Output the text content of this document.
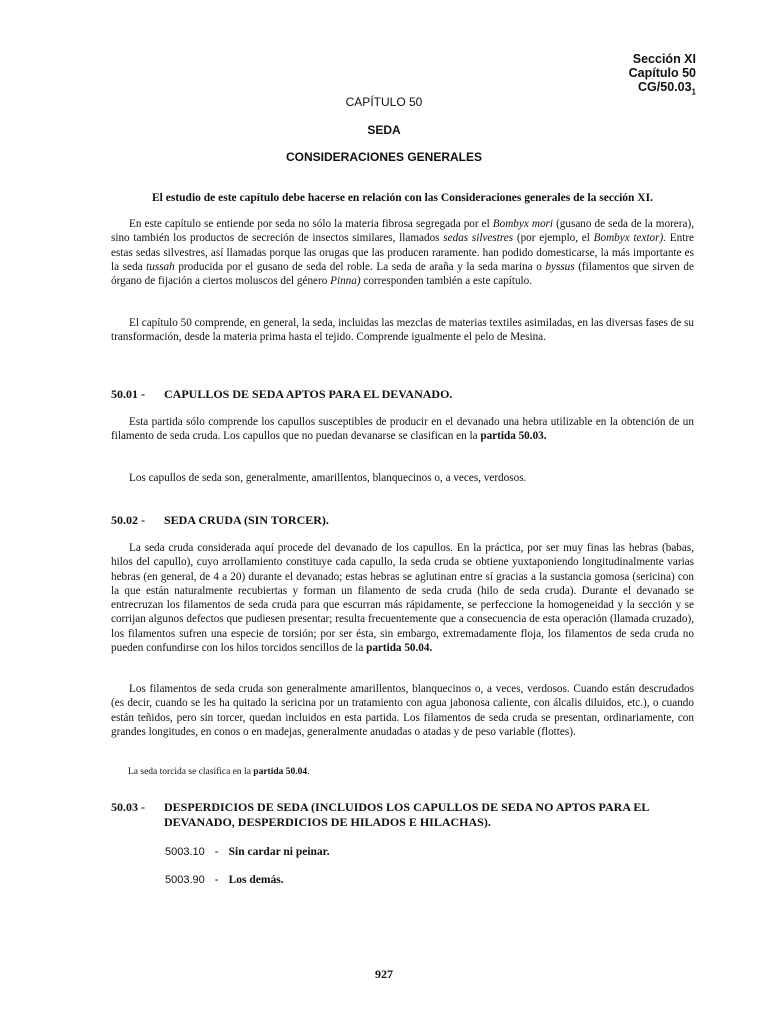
Sección XI
Capítulo 50
$CG/50.03_1$
CAPÍTULO 50
SEDA
CONSIDERACIONES GENERALES
El estudio de este capítulo debe hacerse en relación con las Consideraciones generales de la sección XI.
En este capítulo se entiende por seda no sólo la materia fibrosa segregada por el Bombyx mori (gusano de seda de la morera), sino también los productos de secreción de insectos similares, llamados sedas silvestres (por ejemplo, el Bombyx textor). Entre estas sedas silvestres, así llamadas porque las orugas que las producen raramente. han podido domesticarse, la más importante es la seda tussah producida por el gusano de seda del roble. La seda de araña y la seda marina o byssus (filamentos que sirven de órgano de fijación a ciertos moluscos del género Pinna) corresponden también a este capítulo.
El capítulo 50 comprende, en general, la seda, incluidas las mezclas de materias textiles asimiladas, en las diversas fases de su transformación, desde la materia prima hasta el tejido. Comprende igualmente el pelo de Mesina.
50.01 - CAPULLOS DE SEDA APTOS PARA EL DEVANADO.
Esta partida sólo comprende los capullos susceptibles de producir en el devanado una hebra utilizable en la obtención de un filamento de seda cruda. Los capullos que no puedan devanarse se clasifican en la partida 50.03.
Los capullos de seda son, generalmente, amarillentos, blanquecinos o, a veces, verdosos.
50.02 - SEDA CRUDA (SIN TORCER).
La seda cruda considerada aquí procede del devanado de los capullos. En la práctica, por ser muy finas las hebras (babas, hilos del capullo), cuyo arrollamiento constituye cada capullo, la seda cruda se obtiene yuxtaponiendo longitudinalmente varias hebras (en general, de 4 a 20) durante el devanado; estas hebras se aglutinan entre sí gracias a la sustancia gomosa (sericina) con la que están naturalmente recubiertas y forman un filamento de seda cruda (hilo de seda cruda). Durante el devanado se entrecruzan los filamentos de seda cruda para que escurran más rápidamente, se perfeccione la homogeneidad y la sección y se corrijan algunos defectos que pudiesen presentar; resulta frecuentemente que a consecuencia de esta operación (llamada cruzado), los filamentos sufren una especie de torsión; por ser ésta, sin embargo, extremadamente floja, los filamentos de seda cruda no pueden confundirse con los hilos torcidos sencillos de la partida 50.04.
Los filamentos de seda cruda son generalmente amarillentos, blanquecinos o, a veces, verdosos. Cuando están descrudados (es decir, cuando se les ha quitado la sericina por un tratamiento con agua jabonosa caliente, con álcalis diluidos, etc.), o cuando están teñidos, pero sin torcer, quedan incluidos en esta partida. Los filamentos de seda cruda se presentan, ordinariamente, con grandes longitudes, en conos o en madejas, generalmente anudadas o atadas y de peso variable (flottes).
La seda torcida se clasifica en la partida 50.04.
50.03 - DESPERDICIOS DE SEDA (INCLUIDOS LOS CAPULLOS DE SEDA NO APTOS PARA EL DEVANADO, DESPERDICIOS DE HILADOS E HILACHAS).
5003.10 - Sin cardar ni peinar.
5003.90 - Los demás.
927
